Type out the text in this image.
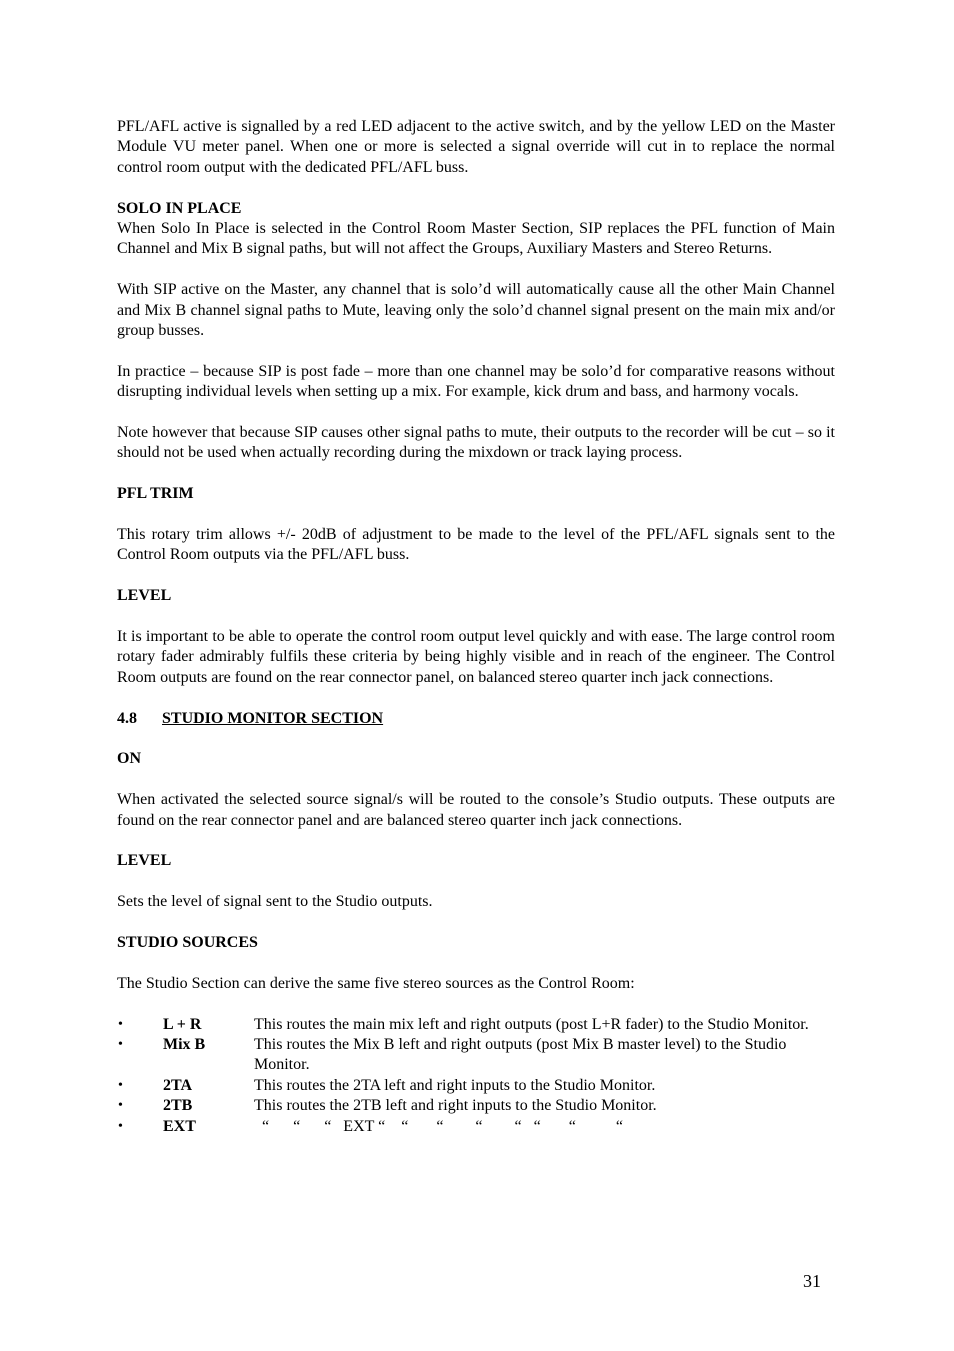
PFL/AFL active is signalled by a red LED adjacent to the active switch, and by the yellow LED on the Master Module VU meter panel. When one or more is selected a signal override will cut in to replace the normal control room output with the dedicated PFL/AFL buss.

SOLO IN PLACE

When Solo In Place is selected in the Control Room Master Section, SIP replaces the PFL function of Main Channel and Mix B signal paths, but will not affect the Groups, Auxiliary Masters and Stereo Returns.

With SIP active on the Master, any channel that is solo’d will automatically cause all the other Main Channel and Mix B channel signal paths to Mute, leaving only the solo’d channel signal present on the main mix and/or group busses.

In practice – because SIP is post fade – more than one channel may be solo’d for comparative reasons without disrupting individual levels when setting up a mix. For example, kick drum and bass, and harmony vocals.

Note however that because SIP causes other signal paths to mute, their outputs to the recorder will be cut – so it should not be used when actually recording during the mixdown or track laying process.

PFL TRIM

This rotary trim allows +/- 20dB of adjustment to be made to the level of the PFL/AFL signals sent to the Control Room outputs via the PFL/AFL buss.

LEVEL

It is important to be able to operate the control room output level quickly and with ease. The large control room rotary fader admirably fulfils these criteria by being highly visible and in reach of the engineer. The Control Room outputs are found on the rear connector panel, on balanced stereo quarter inch jack connections.

4.8 STUDIO MONITOR SECTION
ON

When activated the selected source signal/s will be routed to the console’s Studio outputs. These outputs are found on the rear connector panel and are balanced stereo quarter inch jack connections.

LEVEL

Sets the level of signal sent to the Studio outputs.

STUDIO SOURCES

The Studio Section can derive the same five stereo sources as the Control Room:

•	L + R	This routes the main mix left and right outputs (post L+R fader) to the Studio Monitor.
•	Mix B	This routes the Mix B left and right outputs (post Mix B master level) to the Studio Monitor.
•	2TA	This routes the 2TA left and right inputs to the Studio Monitor.
•	2TB	This routes the 2TB left and right inputs to the Studio Monitor.
•	EXT	“      “      “   EXT “    “       “        “        “   “       “          “
31
